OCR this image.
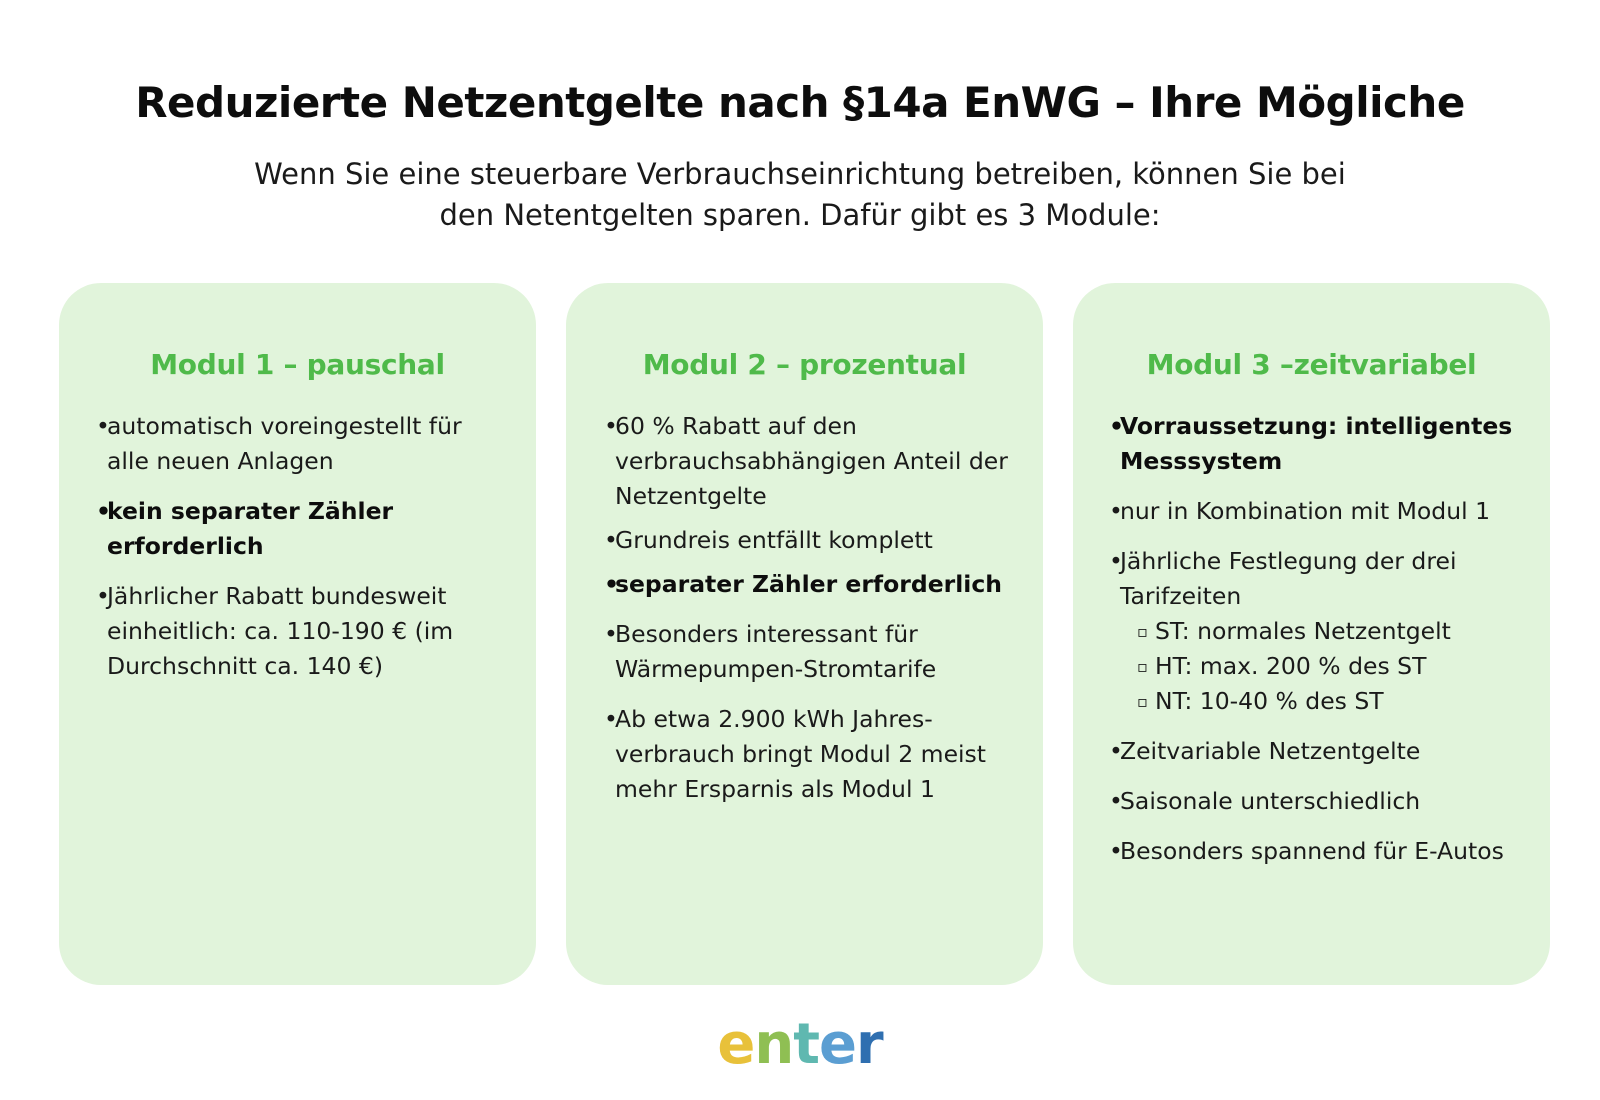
Reduzierte Netzentgelte nach §14a EnWG – Ihre Mögliche
Wenn Sie eine steuerbare Verbrauchseinrichtung betreiben, können Sie bei
den Netentgelten sparen. Dafür gibt es 3 Module:
Modul 1 – pauschal
•
automatisch voreingestellt für alle neuen Anlagen
•
kein separater Zähler erforderlich
•
Jährlicher Rabatt bundesweit einheitlich: ca. 110-190 € (im Durchschnitt ca. 140 €)
Modul 2 – prozentual
•
60 % Rabatt auf den verbrauchsabhängigen Anteil der Netzentgelte
•
Grundreis entfällt komplett
•
separater Zähler erforderlich
•
Besonders interessant für Wärmepumpen-Stromtarife
•
Ab etwa 2.900 kWh Jahres-verbrauch bringt Modul 2 meist mehr Ersparnis als Modul 1
Modul 3 –zeitvariabel
•
Vorraussetzung: intelligentes Messsystem
•
nur in Kombination mit Modul 1
•
Jährliche Festlegung der drei Tarifzeiten
▫ ST: normales Netzentgelt
▫ HT: max. 200 % des ST
▫ NT: 10-40 % des ST
•
Zeitvariable Netzentgelte
•
Saisonale unterschiedlich
•
Besonders spannend für E-Autos
enter
